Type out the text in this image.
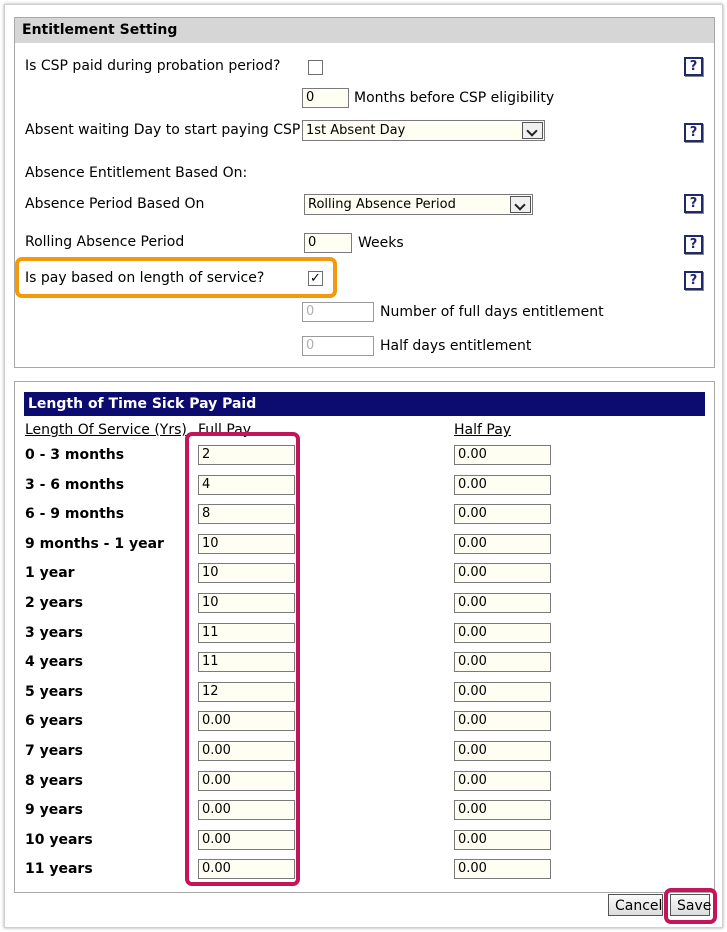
Entitlement Setting
Is CSP paid during probation period?	?
0	Months before CSP eligibility
Absent waiting Day to start paying CSP 1st Absent Day	?
Absence Entitlement Based On:
Absence Period Based On	Rolling Absence Period	?
Rolling Absence Period	0	Weeks	?
Is pay based on length of service?	✓	?
0	Number of full days entitlement
0	Half days entitlement
Length of Time Sick Pay Paid
Length Of Service (Yrs) Full Pay	Half Pay
0 - 3 months	2	0.00
3 - 6 months	4	0.00
6 - 9 months	8	0.00
9 months - 1 year	10	0.00
1 year	10	0.00
2 years	10	0.00
3 years	11	0.00
4 years	11	0.00
5 years	12	0.00
6 years	0.00	0.00
7 years	0.00	0.00
8 years	0.00	0.00
9 years	0.00	0.00
10 years	0.00	0.00
11 years	0.00	0.00
Cancel	Save
